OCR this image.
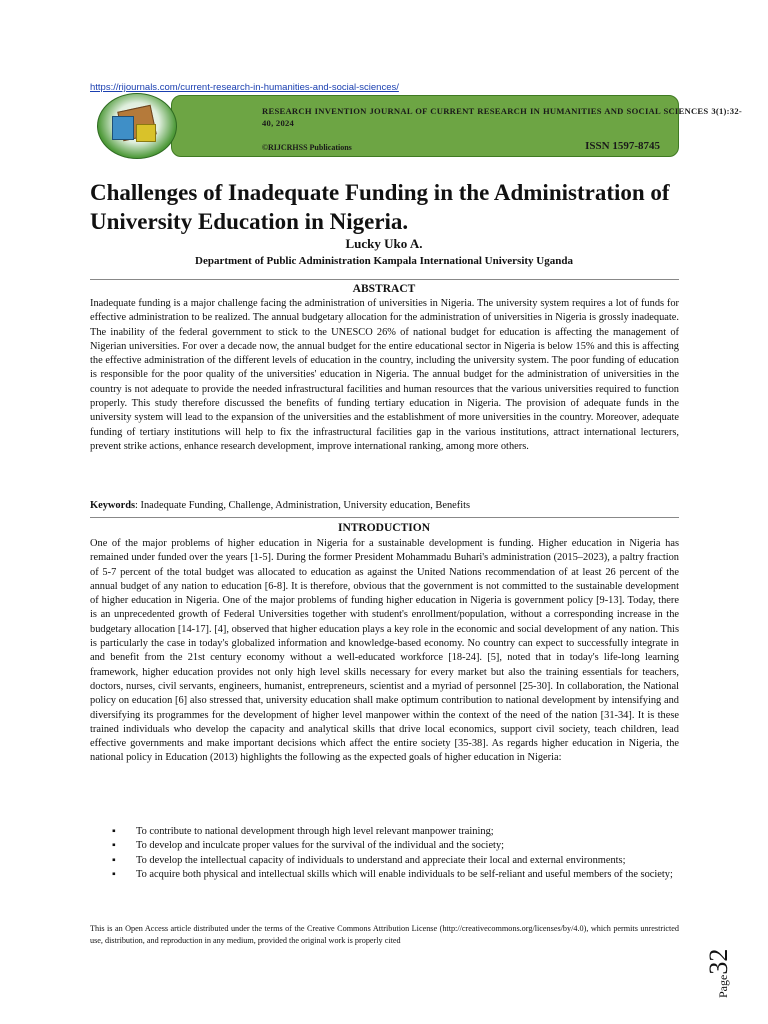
https://rijournals.com/current-research-in-humanities-and-social-sciences/
RESEARCH INVENTION JOURNAL OF CURRENT RESEARCH IN HUMANITIES AND SOCIAL SCIENCES 3(1):32-40, 2024
©RIJCRHSS Publications	ISSN 1597-8745
Challenges of Inadequate Funding in the Administration of University Education in Nigeria.
Lucky Uko A.
Department of Public Administration Kampala International University Uganda
ABSTRACT
Inadequate funding is a major challenge facing the administration of universities in Nigeria. The university system requires a lot of funds for effective administration to be realized. The annual budgetary allocation for the administration of universities in Nigeria is grossly inadequate. The inability of the federal government to stick to the UNESCO 26% of national budget for education is affecting the management of Nigerian universities. For over a decade now, the annual budget for the entire educational sector in Nigeria is below 15% and this is affecting the effective administration of the different levels of education in the country, including the university system. The poor funding of education is responsible for the poor quality of the universities' education in Nigeria. The annual budget for the administration of universities in the country is not adequate to provide the needed infrastructural facilities and human resources that the various universities required to function properly. This study therefore discussed the benefits of funding tertiary education in Nigeria. The provision of adequate funds in the university system will lead to the expansion of the universities and the establishment of more universities in the country. Moreover, adequate funding of tertiary institutions will help to fix the infrastructural facilities gap in the various institutions, attract international lecturers, prevent strike actions, enhance research development, improve international ranking, among more others.
Keywords: Inadequate Funding, Challenge, Administration, University education, Benefits
INTRODUCTION
One of the major problems of higher education in Nigeria for a sustainable development is funding. Higher education in Nigeria has remained under funded over the years [1-5]. During the former President Mohammadu Buhari's administration (2015–2023), a paltry fraction of 5-7 percent of the total budget was allocated to education as against the United Nations recommendation of at least 26 percent of the annual budget of any nation to education [6-8]. It is therefore, obvious that the government is not committed to the sustainable development of higher education in Nigeria. One of the major problems of funding higher education in Nigeria is government policy [9-13]. Today, there is an unprecedented growth of Federal Universities together with student's enrollment/population, without a corresponding increase in the budgetary allocation [14-17]. [4], observed that higher education plays a key role in the economic and social development of any nation. This is particularly the case in today's globalized information and knowledge-based economy. No country can expect to successfully integrate in and benefit from the 21st century economy without a well-educated workforce [18-24]. [5], noted that in today's life-long learning framework, higher education provides not only high level skills necessary for every market but also the training essentials for teachers, doctors, nurses, civil servants, engineers, humanist, entrepreneurs, scientist and a myriad of personnel [25-30]. In collaboration, the National policy on education [6] also stressed that, university education shall make optimum contribution to national development by intensifying and diversifying its programmes for the development of higher level manpower within the context of the need of the nation [31-34]. It is these trained individuals who develop the capacity and analytical skills that drive local economics, support civil society, teach children, lead effective governments and make important decisions which affect the entire society [35-38]. As regards higher education in Nigeria, the national policy in Education (2013) highlights the following as the expected goals of higher education in Nigeria:
▪ To contribute to national development through high level relevant manpower training;
▪ To develop and inculcate proper values for the survival of the individual and the society;
▪ To develop the intellectual capacity of individuals to understand and appreciate their local and external environments;
▪ To acquire both physical and intellectual skills which will enable individuals to be self-reliant and useful members of the society;
This is an Open Access article distributed under the terms of the Creative Commons Attribution License (http://creativecommons.org/licenses/by/4.0), which permits unrestricted use, distribution, and reproduction in any medium, provided the original work is properly cited
Page32
